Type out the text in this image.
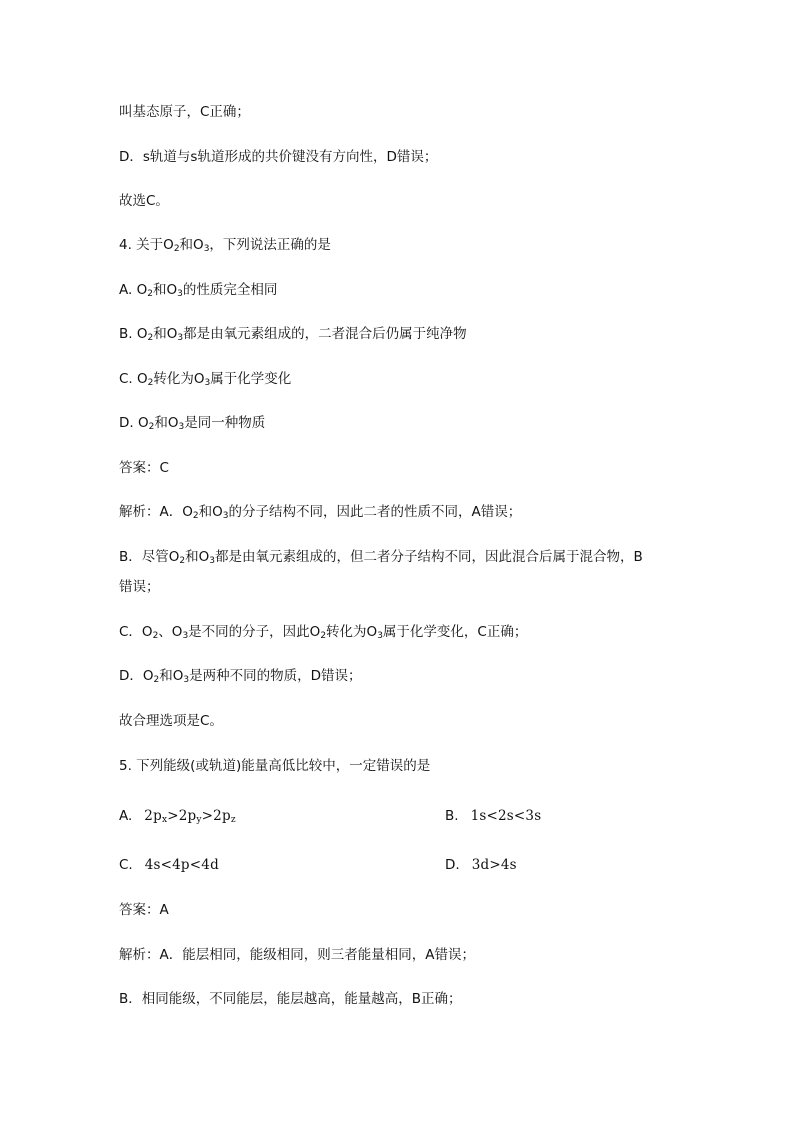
叫基态原子，C正确；
D．s轨道与s轨道形成的共价键没有方向性，D错误；
故选C。
4. 关于$O_2$和$O_3$，下列说法正确的是
A. $O_2$和$O_3$的性质完全相同
B. $O_2$和$O_3$都是由氧元素组成的，二者混合后仍属于纯净物
C. $O_2$转化为$O_3$属于化学变化
D. $O_2$和$O_3$是同一种物质
答案：C
解析：A．$O_2$和$O_3$的分子结构不同，因此二者的性质不同，A错误；
B．尽管$O_2$和$O_3$都是由氧元素组成的，但二者分子结构不同，因此混合后属于混合物，B
错误；
C．$O_2$、$O_3$是不同的分子，因此$O_2$转化为$O_3$属于化学变化，C正确；
D．$O_2$和$O_3$是两种不同的物质，D错误；
故合理选项是C。
5. 下列能级(或轨道)能量高低比较中，一定错误的是
A. $2p_x>2p_y>2p_z$	B. 1s<2s<3s
C. 4s<4p<4d	D. 3d>4s
答案：A
解析：A．能层相同，能级相同，则三者能量相同，A错误；
B．相同能级，不同能层，能层越高，能量越高，B正确；
